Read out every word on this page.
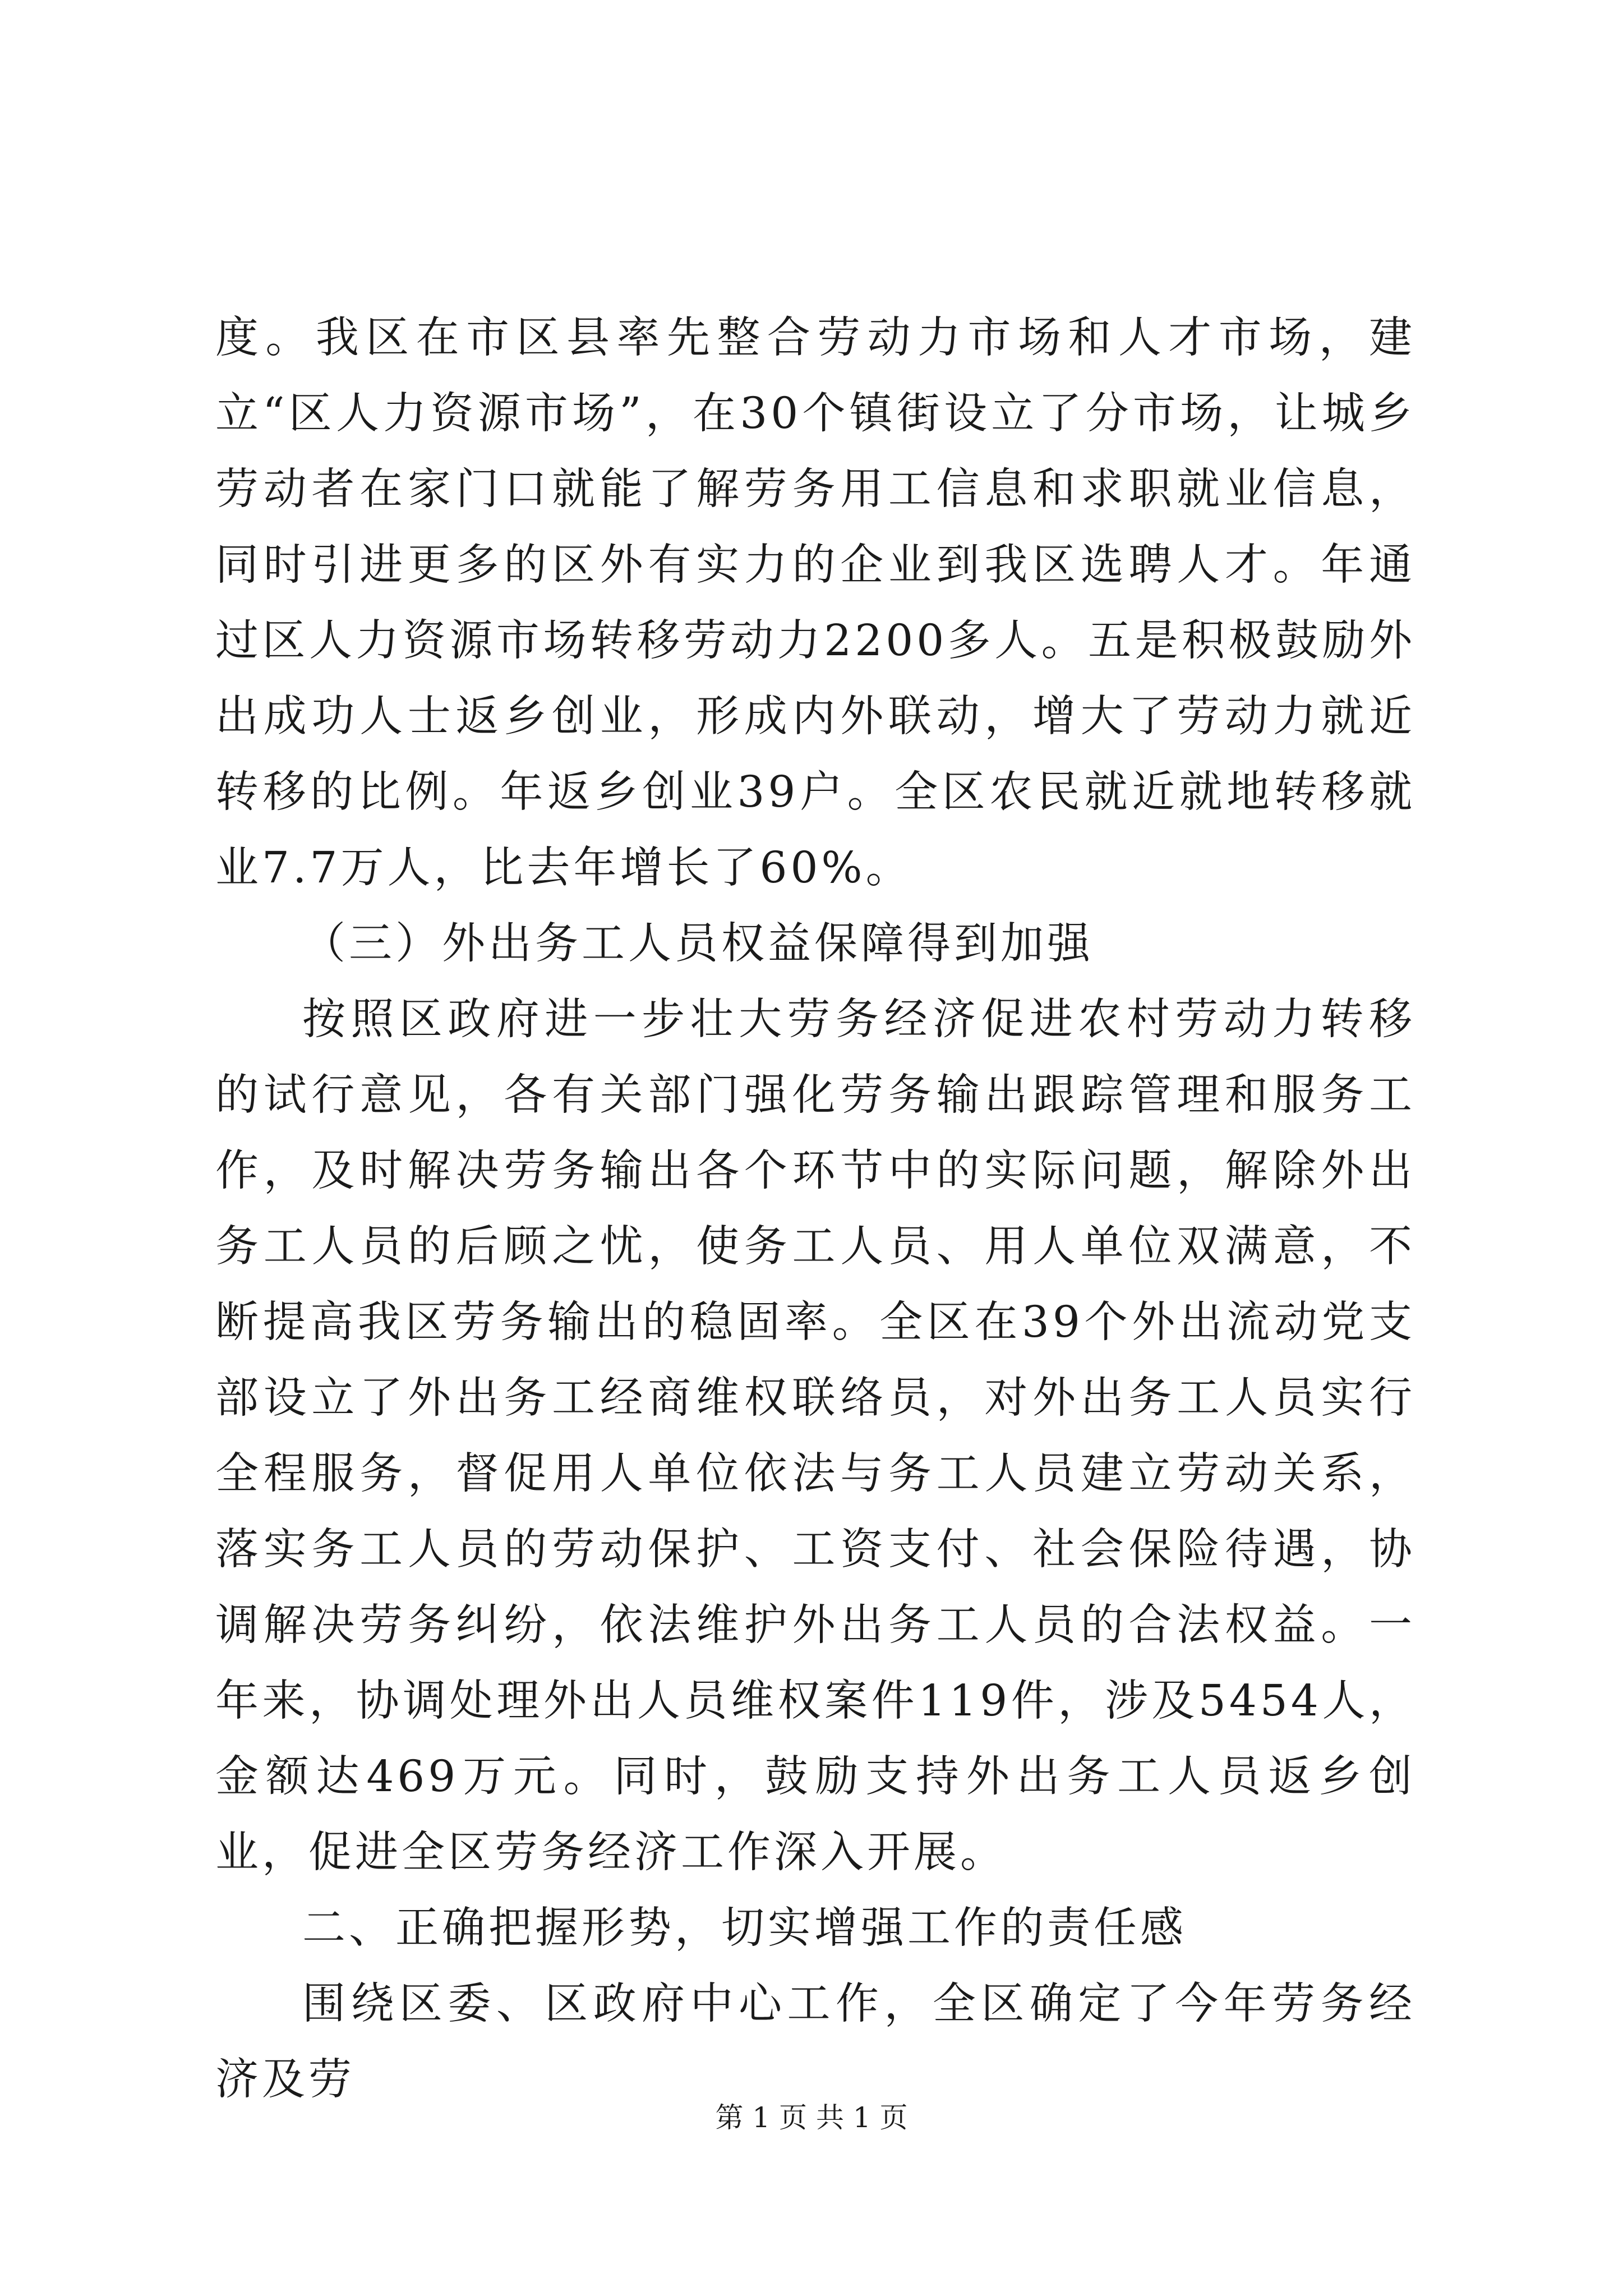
度。我区在市区县率先整合劳动力市场和人才市场，建立“区人力资源市场”，在30个镇街设立了分市场，让城乡劳动者在家门口就能了解劳务用工信息和求职就业信息，同时引进更多的区外有实力的企业到我区选聘人才。年通过区人力资源市场转移劳动力2200多人。五是积极鼓励外出成功人士返乡创业，形成内外联动，增大了劳动力就近转移的比例。年返乡创业39户。全区农民就近就地转移就业7.7万人，比去年增长了60%。

（三）外出务工人员权益保障得到加强

按照区政府进一步壮大劳务经济促进农村劳动力转移的试行意见，各有关部门强化劳务输出跟踪管理和服务工作，及时解决劳务输出各个环节中的实际问题，解除外出务工人员的后顾之忧，使务工人员、用人单位双满意，不断提高我区劳务输出的稳固率。全区在39个外出流动党支部设立了外出务工经商维权联络员，对外出务工人员实行全程服务，督促用人单位依法与务工人员建立劳动关系，落实务工人员的劳动保护、工资支付、社会保险待遇，协调解决劳务纠纷，依法维护外出务工人员的合法权益。一年来，协调处理外出人员维权案件119件，涉及5454人，金额达469万元。同时，鼓励支持外出务工人员返乡创业，促进全区劳务经济工作深入开展。

二、正确把握形势，切实增强工作的责任感

围绕区委、区政府中心工作，全区确定了今年劳务经济及劳

第 1 页 共 1 页
